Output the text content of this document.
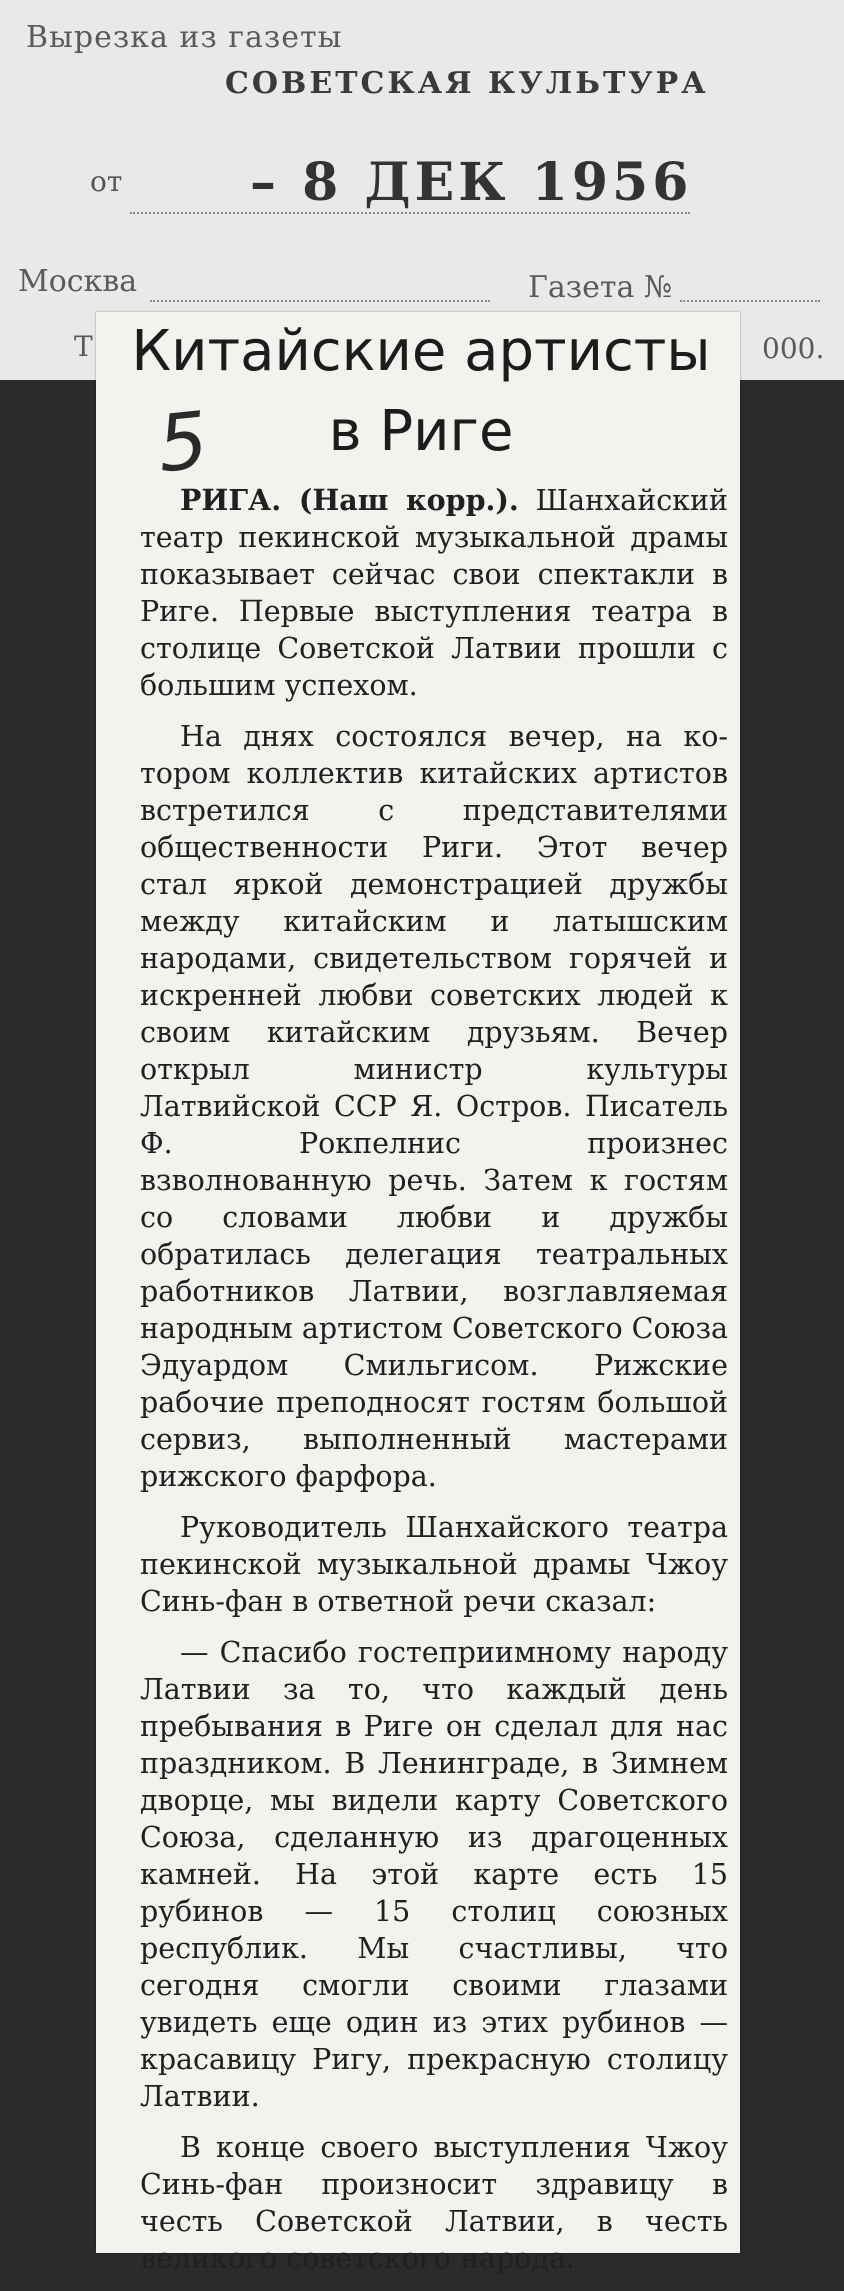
Вырезка из газеты
СОВЕТСКАЯ КУЛЬТУРА
от – 8 ДЕК 1956
Москва	Газета №
Т	000.
Китайские артисты
в Риге
5

РИГА. (Наш корр.). Шанхайский театр пекинской музыкальной драмы показывает сейчас свои спектакли в Риге. Первые выступления театра в столице Советской Латвии прошли с большим успехом.

На днях состоялся вечер, на котором коллектив китайских артистов встретился с представителями общественности Риги. Этот вечер стал яркой демонстрацией дружбы между китайским и латышским народами, свидетельством горячей и искренней любви советских людей к своим китайским друзьям. Вечер открыл министр культуры Латвийской ССР Я. Остров. Писатель Ф. Рокпелнис произнес взволнованную речь. Затем к гостям со словами любви и дружбы обратилась делегация театральных работников Латвии, возглавляемая народным артистом Советского Союза Эдуардом Смильгисом. Рижские рабочие преподносят гостям большой сервиз, выполненный мастерами рижского фарфора.

Руководитель Шанхайского театра пекинской музыкальной драмы Чжоу Синь-фан в ответной речи сказал:

— Спасибо гостеприимному народу Латвии за то, что каждый день пребывания в Риге он сделал для нас праздником. В Ленинграде, в Зимнем дворце, мы видели карту Советского Союза, сделанную из драгоценных камней. На этой карте есть 15 рубинов — 15 столиц союзных республик. Мы счастливы, что сегодня смогли своими глазами увидеть еще один из этих рубинов — красавицу Ригу, прекрасную столицу Латвии.

В конце своего выступления Чжоу Синь-фан произносит здравицу в честь Советской Латвии, в честь великого советского народа.
